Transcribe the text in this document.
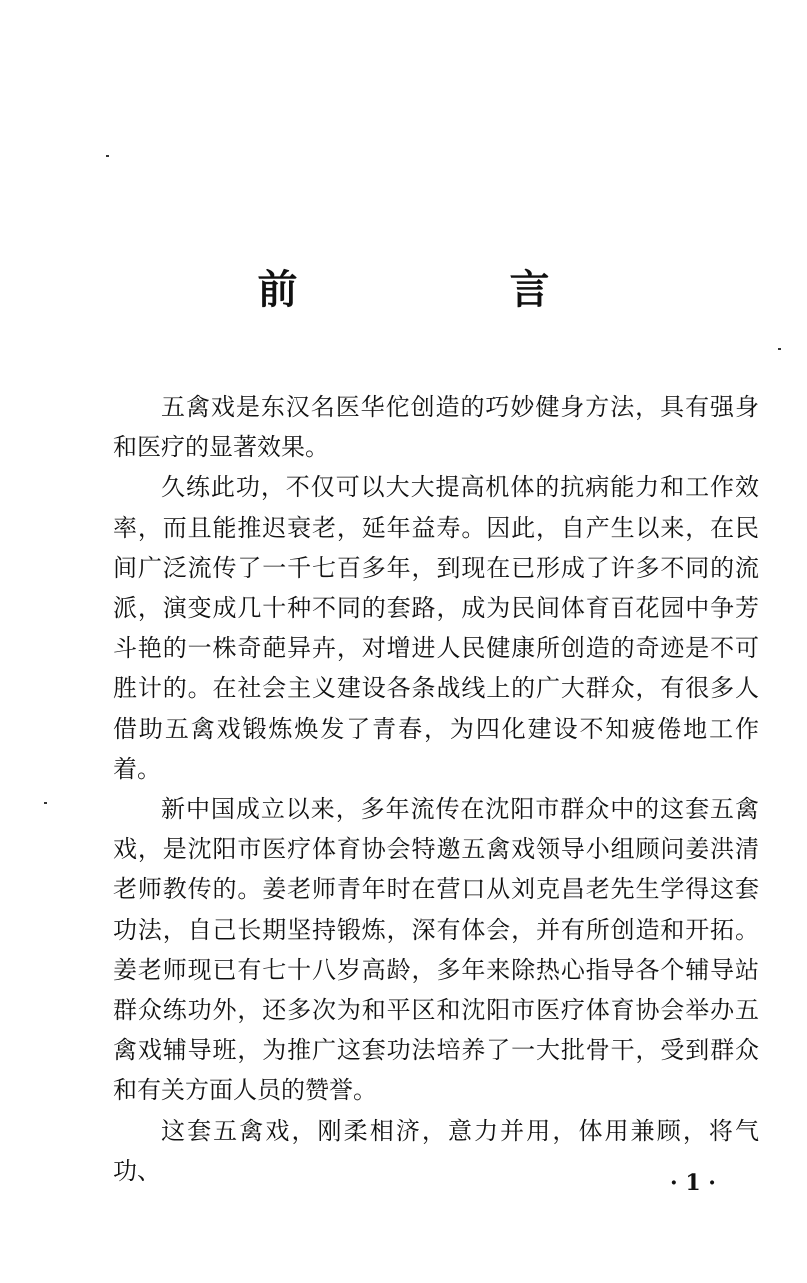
前　言

五禽戏是东汉名医华佗创造的巧妙健身方法，具有强身和医疗的显著效果。

久练此功，不仅可以大大提高机体的抗病能力和工作效率，而且能推迟衰老，延年益寿。因此，自产生以来，在民间广泛流传了一千七百多年，到现在已形成了许多不同的流派，演变成几十种不同的套路，成为民间体育百花园中争芳斗艳的一株奇葩异卉，对增进人民健康所创造的奇迹是不可胜计的。在社会主义建设各条战线上的广大群众，有很多人借助五禽戏锻炼焕发了青春，为四化建设不知疲倦地工作着。

新中国成立以来，多年流传在沈阳市群众中的这套五禽戏，是沈阳市医疗体育协会特邀五禽戏领导小组顾问姜洪清老师教传的。姜老师青年时在营口从刘克昌老先生学得这套功法，自己长期坚持锻炼，深有体会，并有所创造和开拓。姜老师现已有七十八岁高龄，多年来除热心指导各个辅导站群众练功外，还多次为和平区和沈阳市医疗体育协会举办五禽戏辅导班，为推广这套功法培养了一大批骨干，受到群众和有关方面人员的赞誉。

这套五禽戏，刚柔相济，意力并用，体用兼顾，将气功、	· 1 ·
